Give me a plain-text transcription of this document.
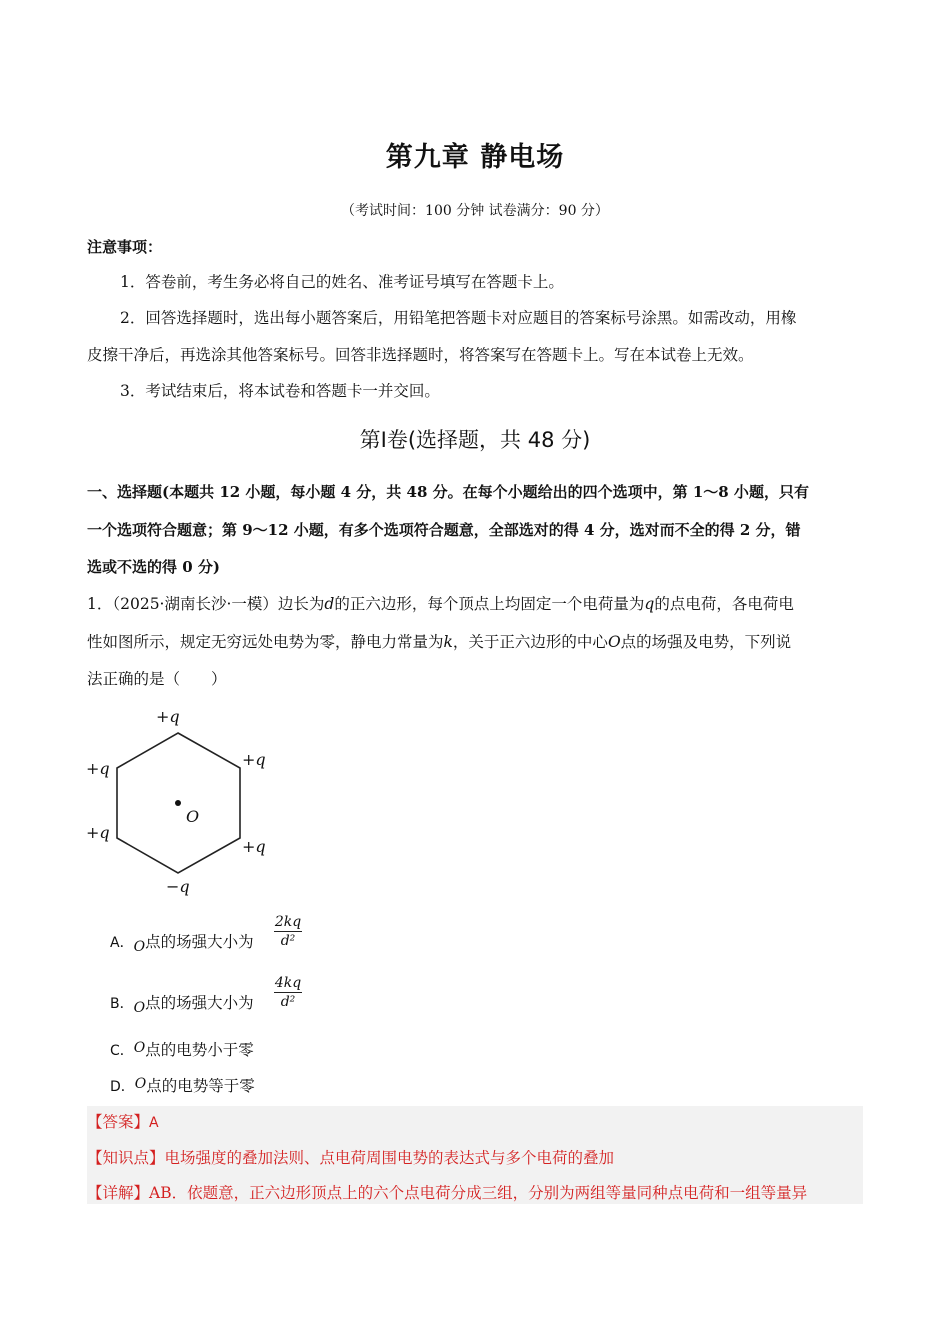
第九章 静电场
（考试时间：100 分钟 试卷满分：90 分）
注意事项：
1．答卷前，考生务必将自己的姓名、准考证号填写在答题卡上。
2．回答选择题时，选出每小题答案后，用铅笔把答题卡对应题目的答案标号涂黑。如需改动，用橡
皮擦干净后，再选涂其他答案标号。回答非选择题时，将答案写在答题卡上。写在本试卷上无效。
3．考试结束后，将本试卷和答题卡一并交回。
第Ⅰ卷(选择题，共 48 分)
一、选择题(本题共 12 小题，每小题 4 分，共 48 分。在每个小题给出的四个选项中，第 1～8 小题，只有
一个选项符合题意；第 9～12 小题，有多个选项符合题意，全部选对的得 4 分，选对而不全的得 2 分，错
选或不选的得 0 分)
1．（2025·湖南长沙·一模）边长为d的正六边形，每个顶点上均固定一个电荷量为q的点电荷，各电荷电
性如图所示，规定无穷远处电势为零，静电力常量为k，关于正六边形的中心O点的场强及电势，下列说
法正确的是（　　）
+q
+q
+q
−q
+q
+q
O
A．O点的场强大小为
2kq
d²
B．O点的场强大小为
4kq
d²
C．O点的电势小于零
D．O点的电势等于零
【答案】A
【知识点】电场强度的叠加法则、点电荷周围电势的表达式与多个电荷的叠加
【详解】AB．依题意，正六边形顶点上的六个点电荷分成三组，分别为两组等量同种点电荷和一组等量异
